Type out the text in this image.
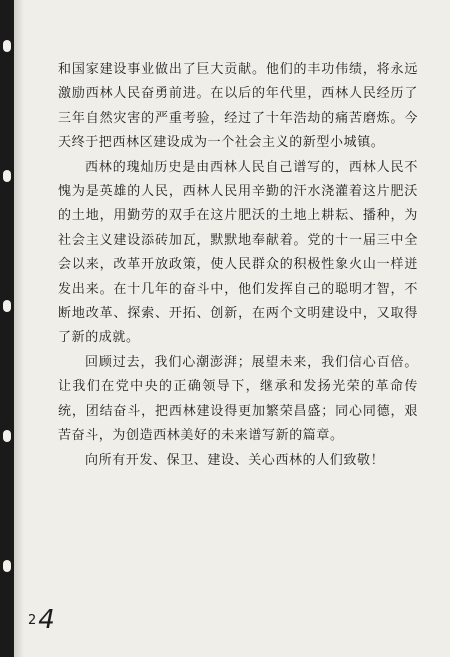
和国家建设事业做出了巨大贡献。他们的丰功伟绩，将永远激励西林人民奋勇前进。在以后的年代里，西林人民经历了三年自然灾害的严重考验，经过了十年浩劫的痛苦磨炼。今天终于把西林区建设成为一个社会主义的新型小城镇。

西林的瑰灿历史是由西林人民自己谱写的，西林人民不愧为是英雄的人民，西林人民用辛勤的汗水浇灌着这片肥沃的土地，用勤劳的双手在这片肥沃的土地上耕耘、播种，为社会主义建设添砖加瓦，默默地奉献着。党的十一届三中全会以来，改革开放政策，使人民群众的积极性象火山一样迸发出来。在十几年的奋斗中，他们发挥自己的聪明才智，不断地改革、探索、开拓、创新，在两个文明建设中，又取得了新的成就。

回顾过去，我们心潮澎湃；展望未来，我们信心百倍。让我们在党中央的正确领导下，继承和发扬光荣的革命传统，团结奋斗，把西林建设得更加繁荣昌盛；同心同德，艰苦奋斗，为创造西林美好的未来谱写新的篇章。

向所有开发、保卫、建设、关心西林的人们致敬！

24
